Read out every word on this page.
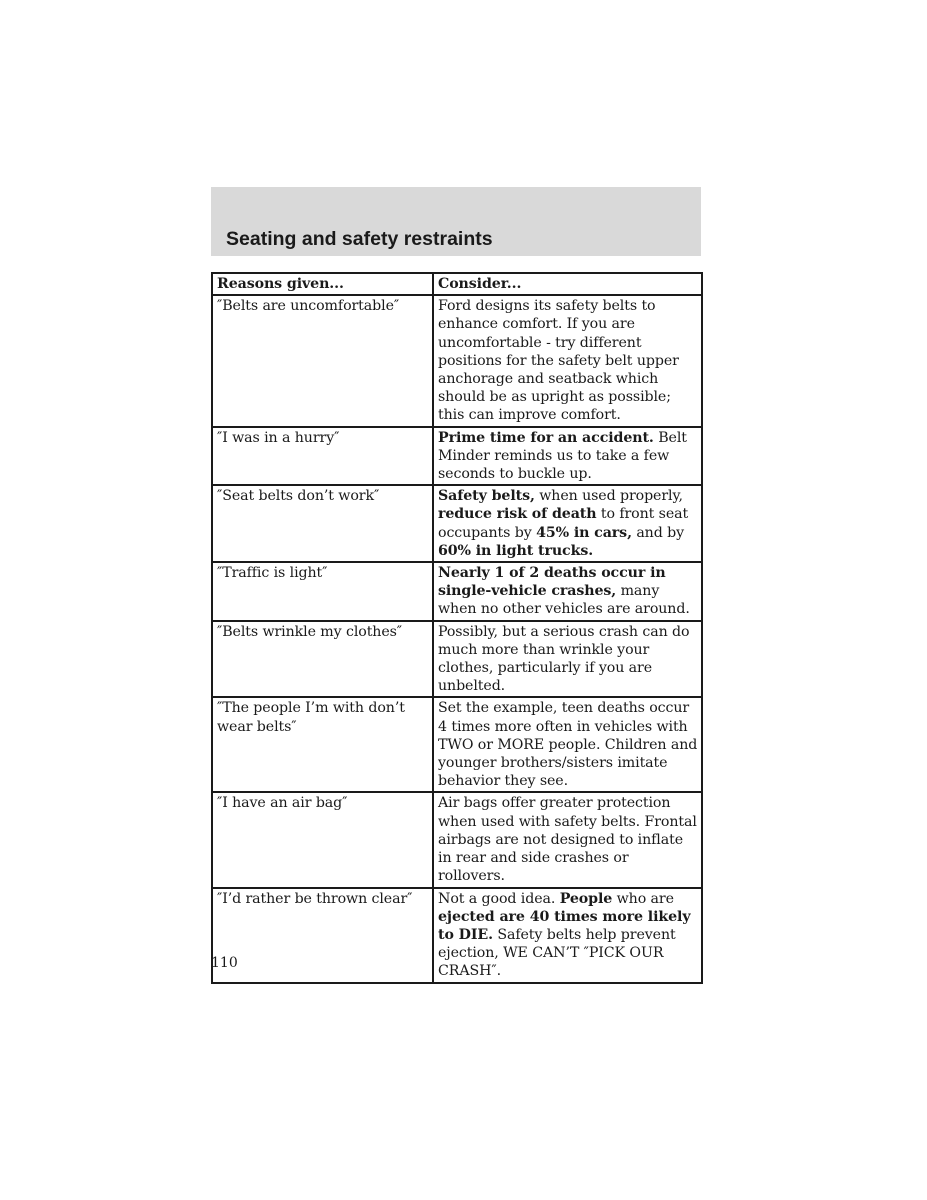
Seating and safety restraints
Reasons given...	Consider...
″Belts are uncomfortable″	Ford designs its safety belts to enhance comfort. If you are uncomfortable - try different positions for the safety belt upper anchorage and seatback which should be as upright as possible; this can improve comfort.
″I was in a hurry″	Prime time for an accident. Belt Minder reminds us to take a few seconds to buckle up.
″Seat belts don’t work″	Safety belts, when used properly, reduce risk of death to front seat occupants by 45% in cars, and by 60% in light trucks.
″Traffic is light″	Nearly 1 of 2 deaths occur in single-vehicle crashes, many when no other vehicles are around.
″Belts wrinkle my clothes″	Possibly, but a serious crash can do much more than wrinkle your clothes, particularly if you are unbelted.
″The people I’m with don’t wear belts″	Set the example, teen deaths occur 4 times more often in vehicles with TWO or MORE people. Children and younger brothers/sisters imitate behavior they see.
″I have an air bag″	Air bags offer greater protection when used with safety belts. Frontal airbags are not designed to inflate in rear and side crashes or rollovers.
″I’d rather be thrown clear″	Not a good idea. People who are ejected are 40 times more likely to DIE. Safety belts help prevent ejection, WE CAN’T ″PICK OUR CRASH″.

110
